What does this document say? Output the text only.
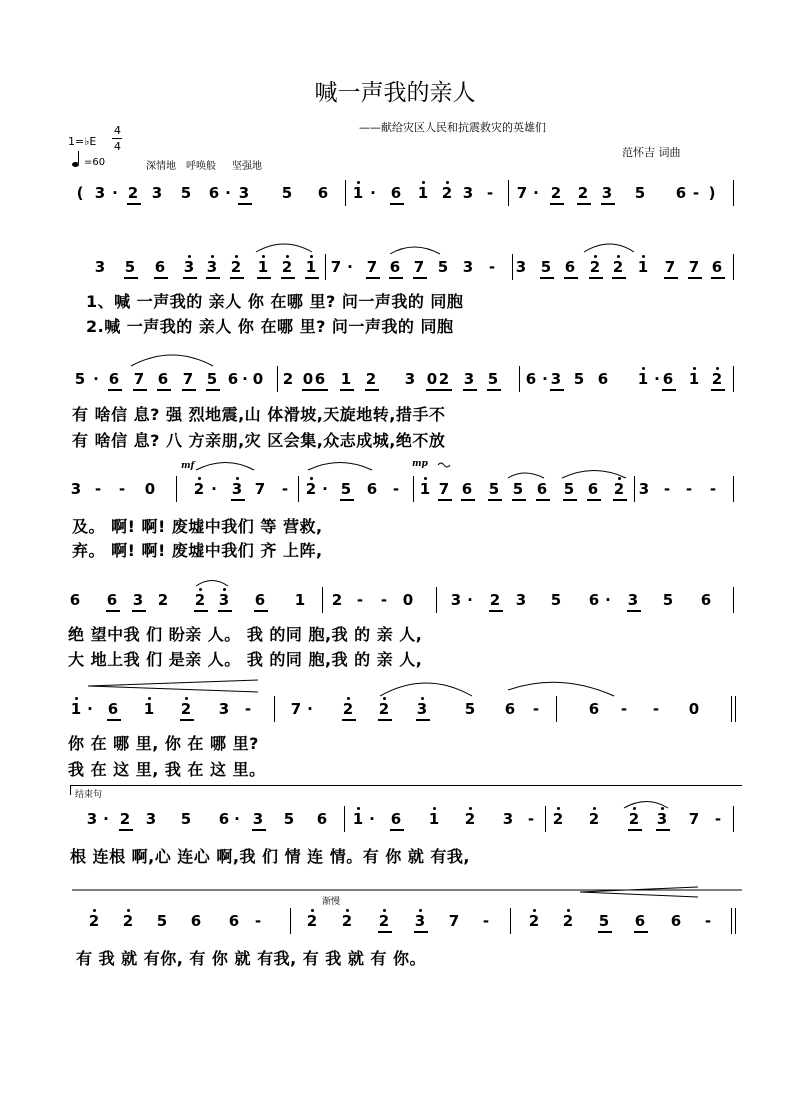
喊一声我的亲人
——献给灾区人民和抗震救灾的英雄们
范怀吉 词曲
1=♭E
4
4
=60	深情地 呼唤般 坚强地
( 3 · 2 3 5 6 · 3 5 6 1 · 6 1 2 3 - 7 · 2 2 3 5 6 - )
3 5 6 3 3 2 1 2 1 7 · 7 6 7 5 3 - 3 5 6 2 2 1 7 7 6
5 · 6 7 6 7 5 6 · 0 2 0 6 1 2 3 0 2 3 5 6 · 3 5 6 1 · 6 1 2
3 - - 0	2 · 3 7 - 2 · 5 6 - 1 7 6 5 5 6 5 6 2 3 - - -
6 6 3 2 2 3 6 1 2 - - 0	3 · 2 3 5 6 · 3 5 6
1 · 6 1 2 3 -	7 · 2 2 3	5 6 -	6 - - 0
3 · 2 3 5 6 · 3 5 6 1 · 6 1 2 3 - 2 2 2 3 7 -
2 2 5 6 6 -	2 2 2 3 7 -	2 2 5 6 6 -
1、喊 一声我的 亲人 你 在哪 里? 问一声我的 同胞
2.喊 一声我的 亲人 你 在哪 里? 问一声我的 同胞
有 啥信 息? 强 烈地震,山 体滑坡,天旋地转,措手不
有 啥信 息? 八 方亲朋,灾 区会集,众志成城,绝不放
及。 啊! 啊! 废墟中我们 等 营救,
弃。 啊! 啊! 废墟中我们 齐 上阵,
绝 望中我 们 盼亲 人。 我 的同 胞,我 的 亲 人,
大 地上我 们 是亲 人。 我 的同 胞,我 的 亲 人,
你 在 哪 里, 你 在 哪 里?
我 在 这 里, 我 在 这 里。
根 连根 啊,心 连心 啊,我 们 情 连 情。有 你 就 有我,
有 我 就 有你, 有 你 就 有我, 有 我 就 有 你。
结束句
mf	mp
渐慢
